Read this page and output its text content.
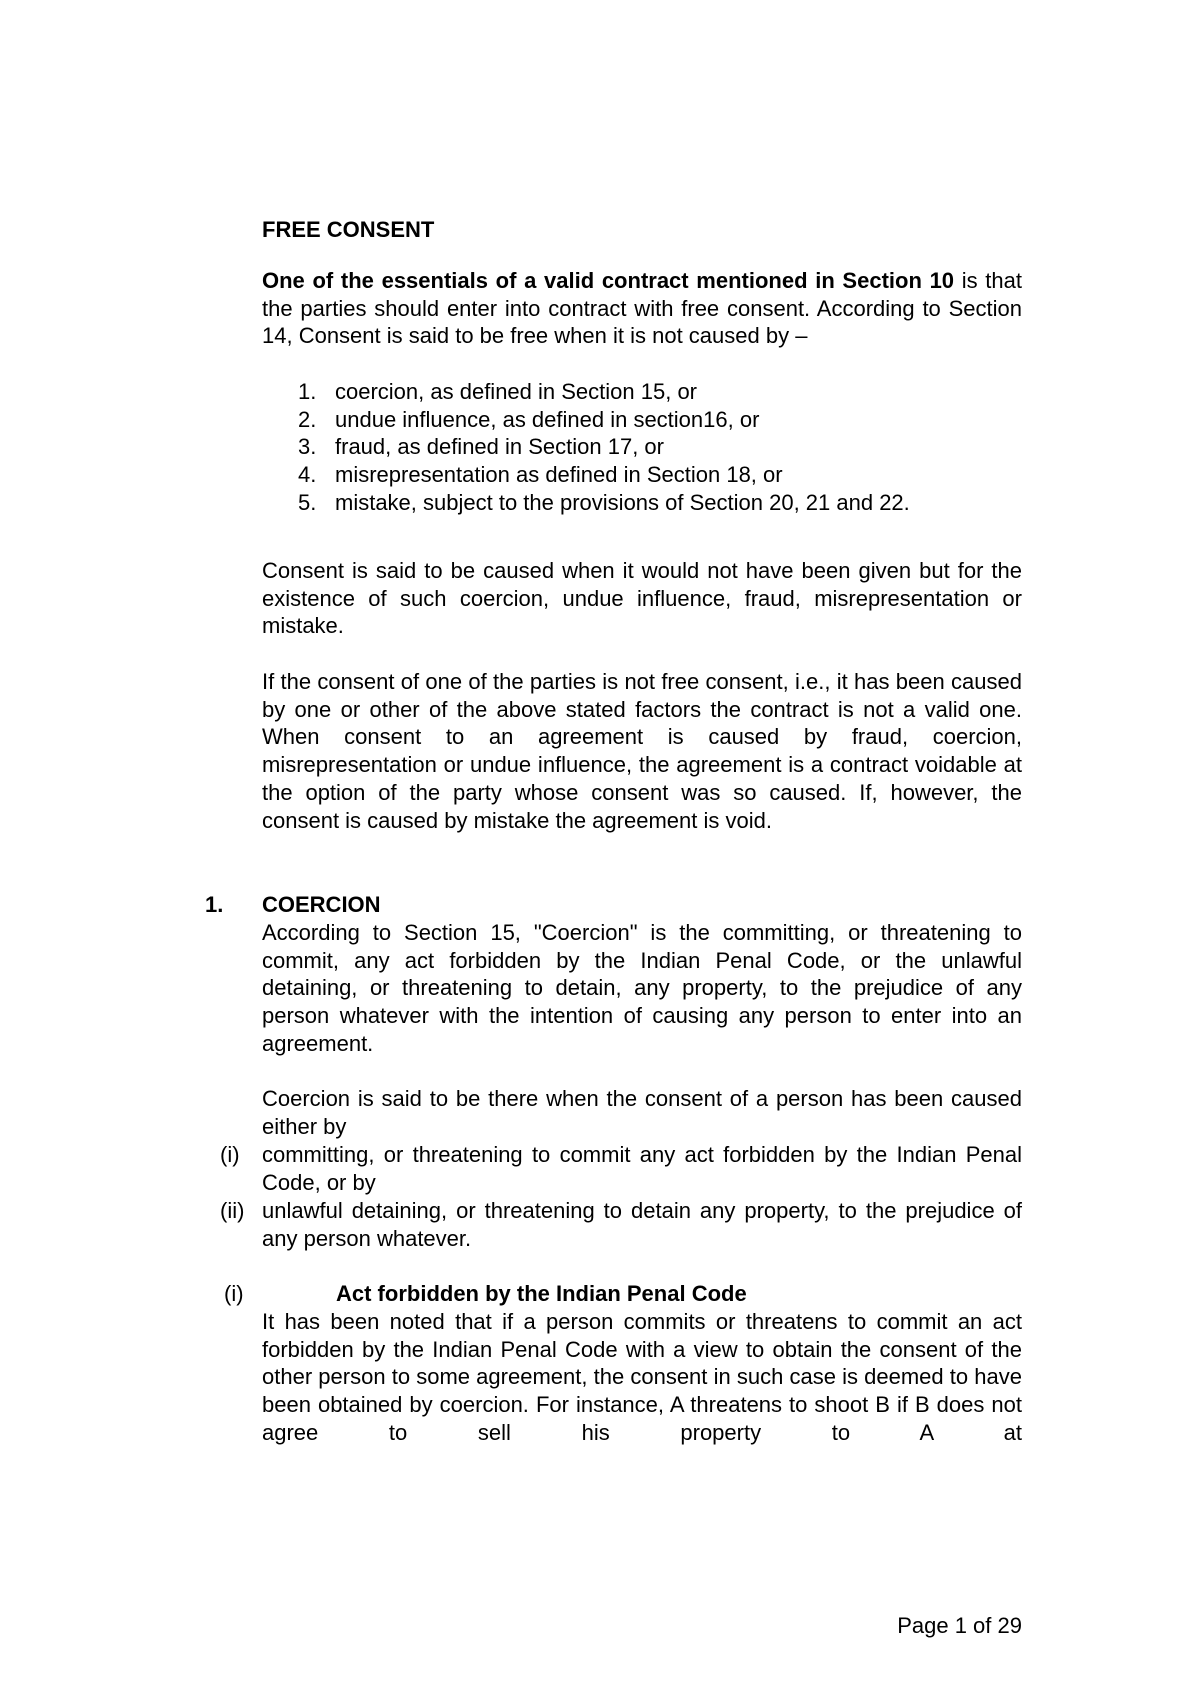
FREE CONSENT
One of the essentials of a valid contract mentioned in Section 10 is that the parties should enter into contract with free consent. According to Section 14, Consent is said to be free when it is not caused by –
1. coercion, as defined in Section 15, or
2. undue influence, as defined in section16, or
3. fraud, as defined in Section 17, or
4. misrepresentation as defined in Section 18, or
5. mistake, subject to the provisions of Section 20, 21 and 22.
Consent is said to be caused when it would not have been given but for the existence of such coercion, undue influence, fraud, misrepresentation or mistake.
If the consent of one of the parties is not free consent, i.e., it has been caused by one or other of the above stated factors the contract is not a valid one. When consent to an agreement is caused by fraud, coercion, misrepresentation or undue influence, the agreement is a contract voidable at the option of the party whose consent was so caused. If, however, the consent is caused by mistake the agreement is void.
1. COERCION
According to Section 15, "Coercion" is the committing, or threatening to commit, any act forbidden by the Indian Penal Code, or the unlawful detaining, or threatening to detain, any property, to the prejudice of any person whatever with the intention of causing any person to enter into an agreement.
Coercion is said to be there when the consent of a person has been caused either by
(i) committing, or threatening to commit any act forbidden by the Indian Penal Code, or by
(ii) unlawful detaining, or threatening to detain any property, to the prejudice of any person whatever.
(i)	Act forbidden by the Indian Penal Code
It has been noted that if a person commits or threatens to commit an act forbidden by the Indian Penal Code with a view to obtain the consent of the other person to some agreement, the consent in such case is deemed to have been obtained by coercion. For instance, A threatens to shoot B if B does not agree to sell his property to A at
Page 1 of 29
